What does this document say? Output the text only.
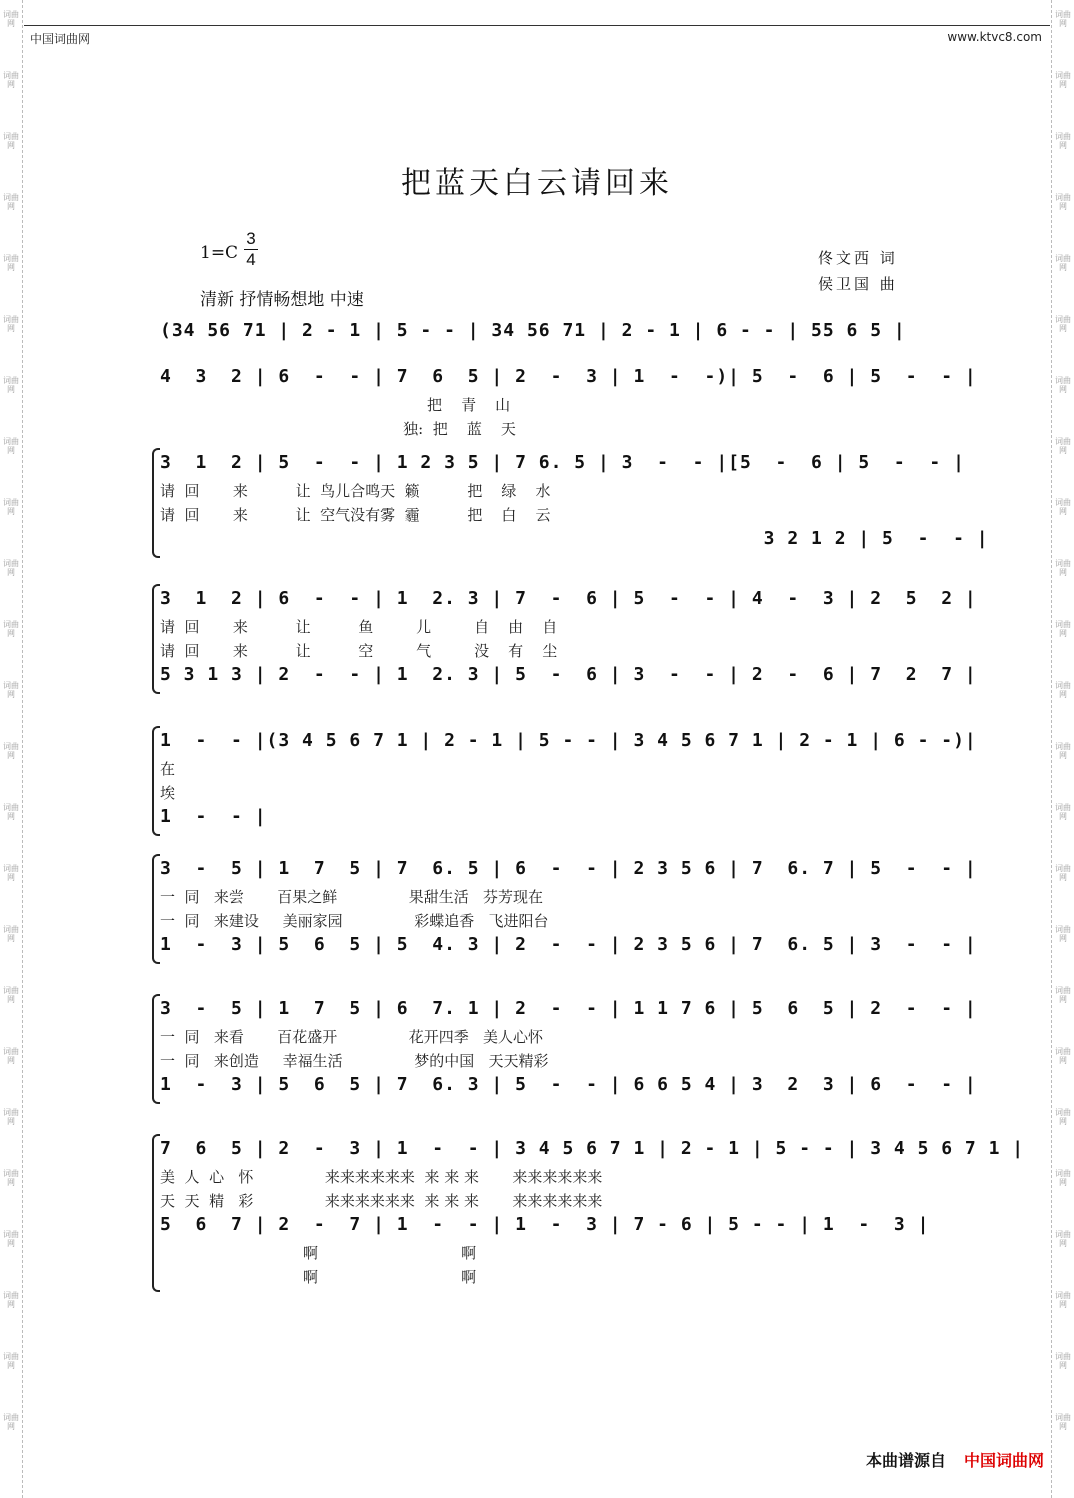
词曲网
词曲网
词曲网
词曲网
词曲网
词曲网
词曲网
词曲网
词曲网
词曲网
词曲网
词曲网
词曲网
词曲网
词曲网
词曲网
词曲网
词曲网
词曲网
词曲网
词曲网
词曲网
词曲网
词曲网
词曲网
词曲网
词曲网
词曲网
词曲网
词曲网
词曲网
词曲网
词曲网
词曲网
词曲网
词曲网
词曲网
词曲网
词曲网
词曲网
词曲网
词曲网
词曲网
词曲网
词曲网
词曲网
词曲网
词曲网
中国词曲网	www.ktvc8.com
把蓝天白云请回来
$1=C \frac{3}{4}$
清新 抒情畅想地 中速
佟文西 词
侯卫国 曲
(34 56 71 | 2 - 1 | 5 - - | 34 56 71 | 2 - 1 | 6 - - | 55 6 5 |
4  3  2 | 6  -  - | 7  6  5 | 2  -  3 | 1  -  -)| 5  -  6 | 5  -  - |
把    青    山
独:  把    蓝    天
3  1  2 | 5  -  - | 1 2 3 5 | 7 6. 5 | 3  -  - |[5  -  6 | 5  -  - |
请  回       来          让  鸟儿合鸣天  籁          把    绿    水
请  回       来          让  空气没有雾  霾          把    白    云
3 2 1 2 | 5  -  - |
3  1  2 | 6  -  - | 1  2. 3 | 7  -  6 | 5  -  - | 4  -  3 | 2  5  2 |
请  回       来          让          鱼         儿         自    由    自
请  回       来          让          空         气         没    有    尘
5 3 1 3 | 2  -  - | 1  2. 3 | 5  -  6 | 3  -  - | 2  -  6 | 7  2  7 |
1  -  - |(3 4 5 6 7 1 | 2 - 1 | 5 - - | 3 4 5 6 7 1 | 2 - 1 | 6 - -)|
在
埃
1  -  - |
3  -  5 | 1  7  5 | 7  6. 5 | 6  -  - | 2 3 5 6 | 7  6. 7 | 5  -  - |
一  同   来尝       百果之鲜               果甜生活   芬芳现在
一  同   来建设     美丽家园               彩蝶追香   飞进阳台
1  -  3 | 5  6  5 | 5  4. 3 | 2  -  - | 2 3 5 6 | 7  6. 5 | 3  -  - |
3  -  5 | 1  7  5 | 6  7. 1 | 2  -  - | 1 1 7 6 | 5  6  5 | 2  -  - |
一  同   来看       百花盛开               花开四季   美人心怀
一  同   来创造     幸福生活               梦的中国   天天精彩
1  -  3 | 5  6  5 | 7  6. 3 | 5  -  - | 6 6 5 4 | 3  2  3 | 6  -  - |
7  6  5 | 2  -  3 | 1  -  - | 3 4 5 6 7 1 | 2 - 1 | 5 - - | 3 4 5 6 7 1 |
美  人  心   怀               来来来来来来  来 来 来       来来来来来来
天  天  精   彩               来来来来来来  来 来 来       来来来来来来
5  6  7 | 2  -  7 | 1  -  - | 1  -  3 | 7 - 6 | 5 - - | 1  -  3 |
啊                              啊
啊                              啊
本曲谱源自 中国词曲网
